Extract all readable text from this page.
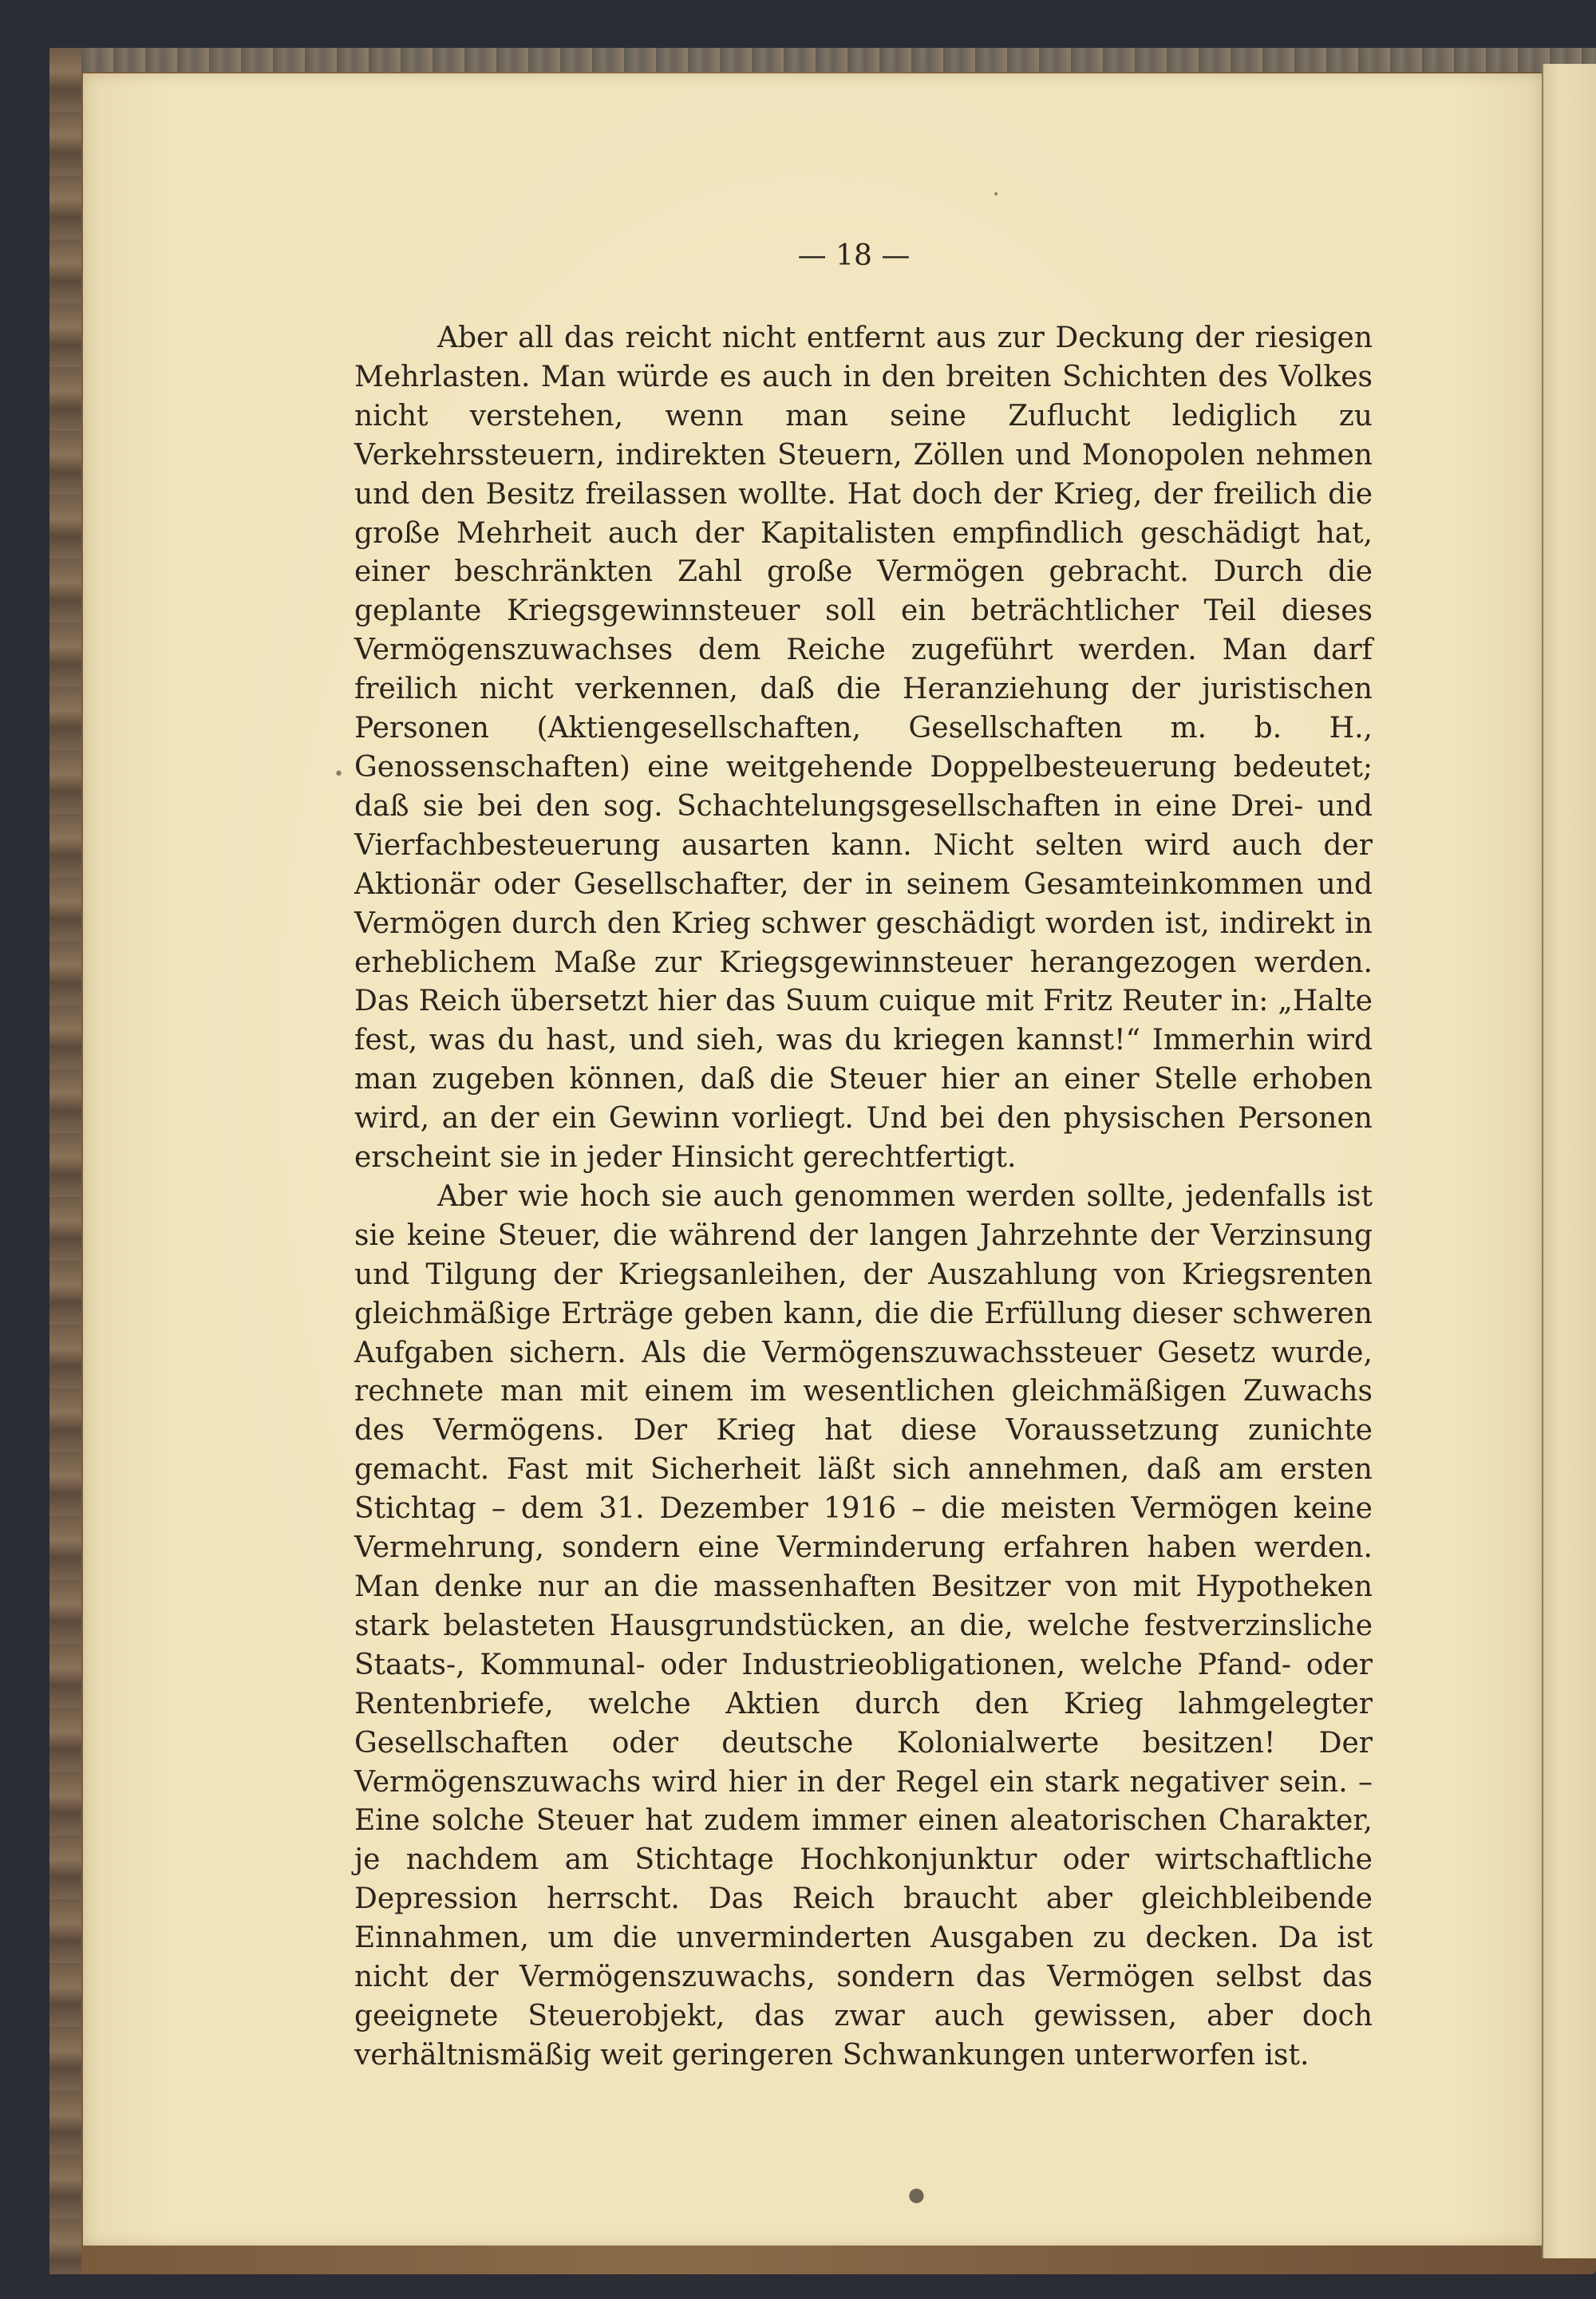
— 18 —

Aber all das reicht nicht entfernt aus zur Deckung der riesigen Mehrlasten. Man würde es auch in den breiten Schichten des Volkes nicht verstehen, wenn man seine Zuflucht lediglich zu Verkehrssteuern, indirekten Steuern, Zöllen und Monopolen nehmen und den Besitz freilassen wollte. Hat doch der Krieg, der freilich die große Mehrheit auch der Kapitalisten empfindlich geschädigt hat, einer beschränkten Zahl große Vermögen gebracht. Durch die geplante Kriegsgewinnsteuer soll ein beträchtlicher Teil dieses Vermögenszuwachses dem Reiche zugeführt werden. Man darf freilich nicht verkennen, daß die Heranziehung der juristischen Personen (Aktiengesellschaften, Gesellschaften m. b. H., Genossenschaften) eine weitgehende Doppelbesteuerung bedeutet; daß sie bei den sog. Schachtelungsgesellschaften in eine Drei- und Vierfachbesteuerung ausarten kann. Nicht selten wird auch der Aktionär oder Gesellschafter, der in seinem Gesamteinkommen und Vermögen durch den Krieg schwer geschädigt worden ist, indirekt in erheblichem Maße zur Kriegsgewinnsteuer herangezogen werden. Das Reich übersetzt hier das Suum cuique mit Fritz Reuter in: „Halte fest, was du hast, und sieh, was du kriegen kannst!“ Immerhin wird man zugeben können, daß die Steuer hier an einer Stelle erhoben wird, an der ein Gewinn vorliegt. Und bei den physischen Personen erscheint sie in jeder Hinsicht gerechtfertigt.

Aber wie hoch sie auch genommen werden sollte, jedenfalls ist sie keine Steuer, die während der langen Jahrzehnte der Verzinsung und Tilgung der Kriegsanleihen, der Auszahlung von Kriegsrenten gleichmäßige Erträge geben kann, die die Erfüllung dieser schweren Aufgaben sichern. Als die Vermögenszuwachssteuer Gesetz wurde, rechnete man mit einem im wesentlichen gleichmäßigen Zuwachs des Vermögens. Der Krieg hat diese Voraussetzung zunichte gemacht. Fast mit Sicherheit läßt sich annehmen, daß am ersten Stichtag – dem 31. Dezember 1916 – die meisten Vermögen keine Vermehrung, sondern eine Verminderung erfahren haben werden. Man denke nur an die massenhaften Besitzer von mit Hypotheken stark belasteten Hausgrundstücken, an die, welche festverzinsliche Staats-, Kommunal- oder Industrieobligationen, welche Pfand- oder Rentenbriefe, welche Aktien durch den Krieg lahmgelegter Gesellschaften oder deutsche Kolonialwerte besitzen! Der Vermögenszuwachs wird hier in der Regel ein stark negativer sein. – Eine solche Steuer hat zudem immer einen aleatorischen Charakter, je nachdem am Stichtage Hochkonjunktur oder wirtschaftliche Depression herrscht. Das Reich braucht aber gleichbleibende Einnahmen, um die unverminderten Ausgaben zu decken. Da ist nicht der Vermögenszuwachs, sondern das Vermögen selbst das geeignete Steuerobjekt, das zwar auch gewissen, aber doch verhältnismäßig weit geringeren Schwankungen unterworfen ist.

•
•
●
